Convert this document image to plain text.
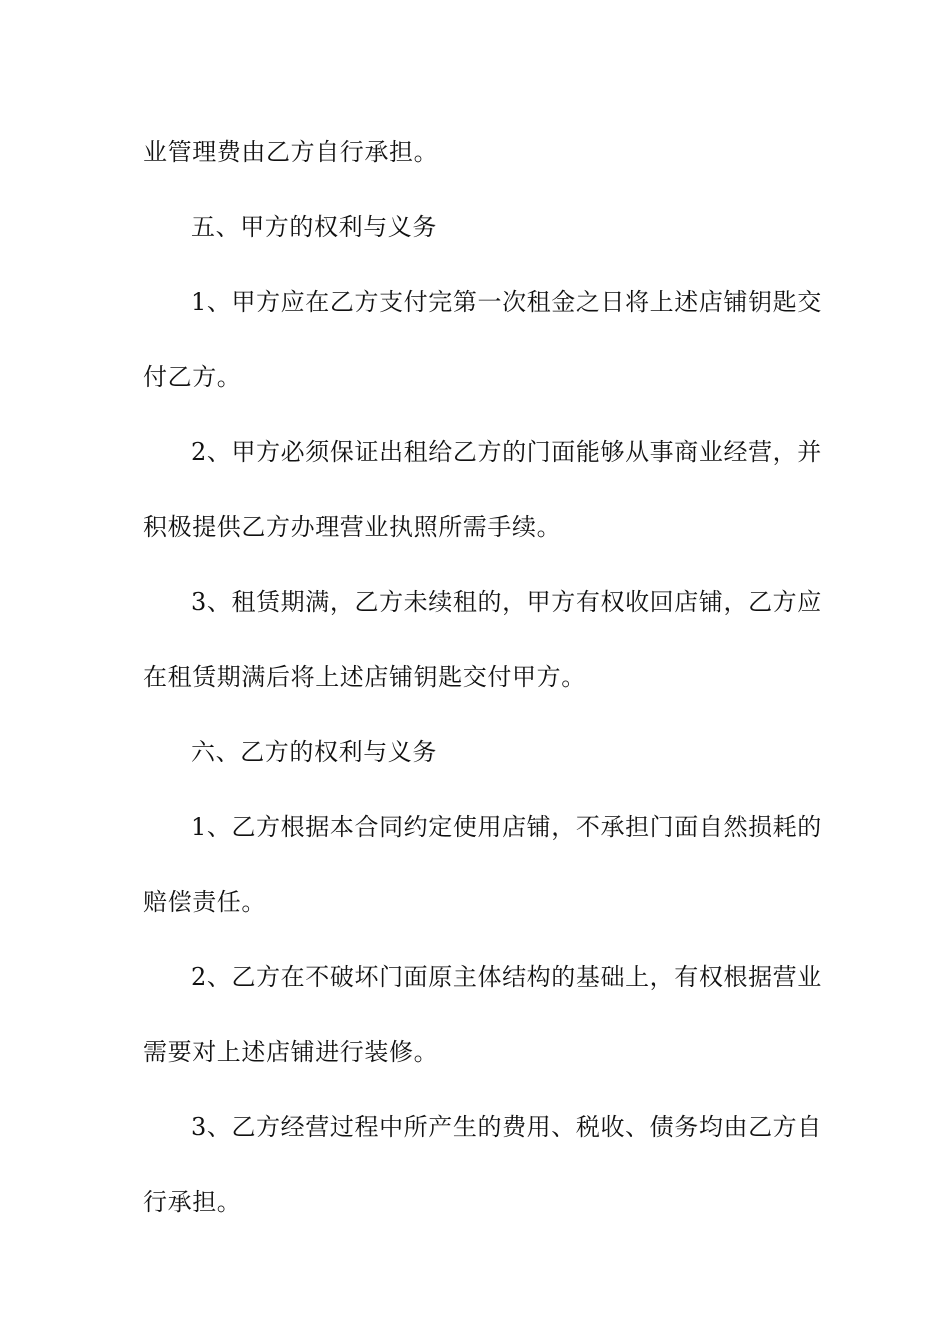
业管理费由乙方自行承担。
五、甲方的权利与义务
1、甲方应在乙方支付完第一次租金之日将上述店铺钥匙交
付乙方。
2、甲方必须保证出租给乙方的门面能够从事商业经营，并
积极提供乙方办理营业执照所需手续。
3、租赁期满，乙方未续租的，甲方有权收回店铺，乙方应
在租赁期满后将上述店铺钥匙交付甲方。
六、乙方的权利与义务
1、乙方根据本合同约定使用店铺，不承担门面自然损耗的
赔偿责任。
2、乙方在不破坏门面原主体结构的基础上，有权根据营业
需要对上述店铺进行装修。
3、乙方经营过程中所产生的费用、税收、债务均由乙方自
行承担。
